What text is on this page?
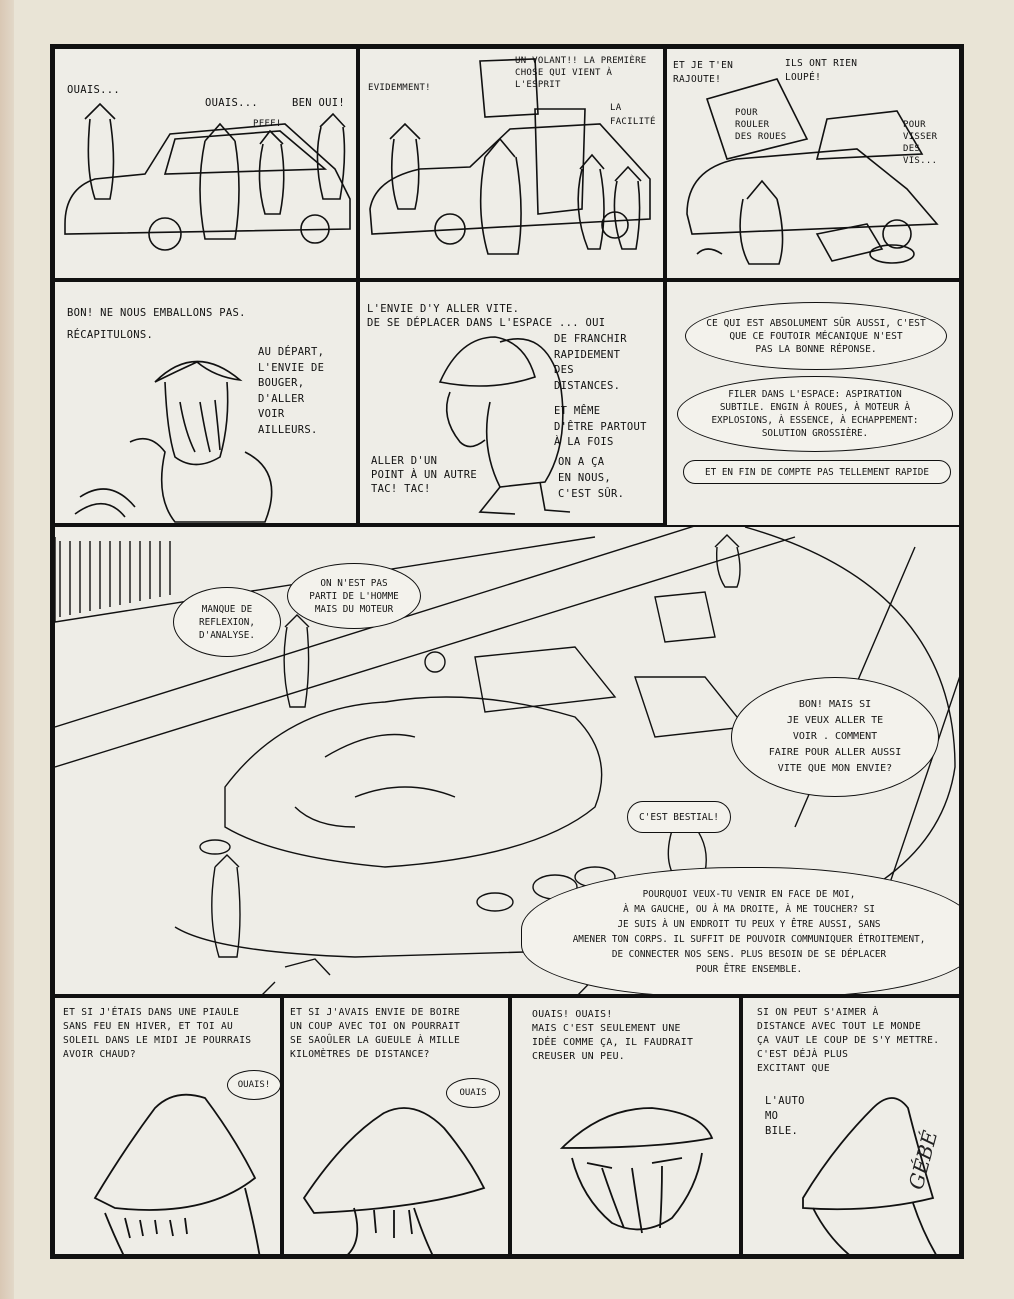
OUAIS...
OUAIS...
PFFF!
BEN OUI!
EVIDEMMENT!
UN VOLANT!! LA PREMIÈRE
CHOSE QUI VIENT À L'ESPRIT
LA FACILITÉ
ET JE T'EN
RAJOUTE!
ILS ONT RIEN
LOUPÉ!
POUR
ROULER
DES ROUES
POUR
VISSER
DES VIS...
BON! NE NOUS EMBALLONS PAS.
RÉCAPITULONS.
AU DÉPART,
L'ENVIE DE
BOUGER,
D'ALLER
VOIR
AILLEURS.
L'ENVIE D'Y ALLER VITE.
DE SE DÉPLACER DANS L'ESPACE ... OUI
DE FRANCHIR
RAPIDEMENT
DES
DISTANCES.
ET MÊME
D'ÊTRE PARTOUT
À LA FOIS
ALLER D'UN
POINT À UN AUTRE
TAC! TAC!
ON A ÇA
EN NOUS,
C'EST SÛR.
CE QUI EST ABSOLUMENT SÛR AUSSI, C'EST
QUE CE FOUTOIR MÉCANIQUE N'EST
PAS LA BONNE RÉPONSE.
FILER DANS L'ESPACE: ASPIRATION
SUBTILE. ENGIN À ROUES, À MOTEUR À
EXPLOSIONS, À ESSENCE, À ECHAPPEMENT:
SOLUTION GROSSIÈRE.
ET EN FIN DE COMPTE PAS TELLEMENT RAPIDE
MANQUE DE
REFLEXION,
D'ANALYSE.
ON N'EST PAS
PARTI DE L'HOMME
MAIS DU MOTEUR
BON! MAIS SI
JE VEUX ALLER TE
VOIR . COMMENT
FAIRE POUR ALLER AUSSI
VITE QUE MON ENVIE?
C'EST BESTIAL!
POURQUOI VEUX-TU VENIR EN FACE DE MOI,
À MA GAUCHE, OU À MA DROITE, À ME TOUCHER? SI
JE SUIS À UN ENDROIT TU PEUX Y ÊTRE AUSSI, SANS
AMENER TON CORPS. IL SUFFIT DE POUVOIR COMMUNIQUER ÉTROITEMENT,
DE CONNECTER NOS SENS. PLUS BESOIN DE SE DÉPLACER
POUR ÊTRE ENSEMBLE.
ET SI J'ÉTAIS DANS UNE PIAULE
SANS FEU EN HIVER, ET TOI AU
SOLEIL DANS LE MIDI JE POURRAIS
AVOIR CHAUD?
OUAIS!
ET SI J'AVAIS ENVIE DE BOIRE
UN COUP AVEC TOI ON POURRAIT
SE SAOÛLER LA GUEULE À MILLE
KILOMÈTRES DE DISTANCE?
OUAIS
OUAIS! OUAIS!
MAIS C'EST SEULEMENT UNE
IDÉE COMME ÇA, IL FAUDRAIT
CREUSER UN PEU.
SI ON PEUT S'AIMER À
DISTANCE AVEC TOUT LE MONDE
ÇA VAUT LE COUP DE S'Y METTRE.
C'EST DÉJÀ PLUS
EXCITANT QUE
L'AUTO
MO
BILE.	GÉBÉ
